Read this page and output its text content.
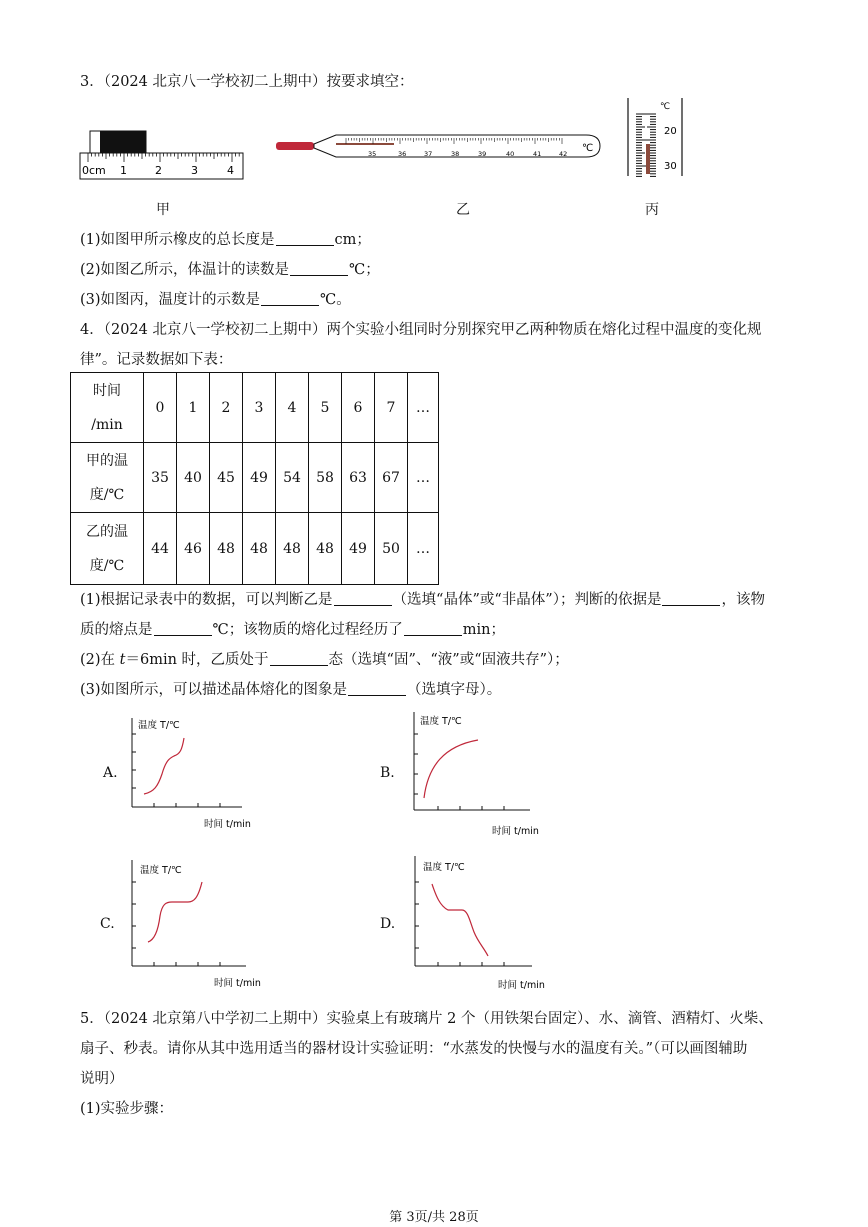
3．（2024 北京八一学校初二上期中）按要求填空：
0cm 1	2	3	4
35	36	37	38	39	40	41	42 ℃
℃
20
30
甲	乙	丙
(1)如图甲所示橡皮的总长度是	cm；
(2)如图乙所示，体温计的读数是	℃；
(3)如图丙，温度计的示数是	℃。
4．（2024 北京八一学校初二上期中）两个实验小组同时分别探究甲乙两种物质在熔化过程中温度的变化规
律”。记录数据如下表：
时间
/min	0	1	2	3	4	5	6	7	…
甲的温
度/℃	35	40	45	49	54	58	63	67	…
乙的温
度/℃	44	46	48	48	48	48	49	50	…
(1)根据记录表中的数据，可以判断乙是	（选填“晶体”或“非晶体”）；判断的依据是	，该物
质的熔点是	℃；该物质的熔化过程经历了	min；
(2)在 t＝6min 时，乙质处于	态（选填“固”、“液”或“固液共存”）；
(3)如图所示，可以描述晶体熔化的图象是	（选填字母）。
A.
温度 T/℃
时间 t/min
B.
温度 T/℃
时间 t/min
C.
温度 T/℃
时间 t/min
D.
温度 T/℃
时间 t/min
5．（2024 北京第八中学初二上期中）实验桌上有玻璃片 2 个（用铁架台固定）、水、滴管、酒精灯、火柴、
扇子、秒表。请你从其中选用适当的器材设计实验证明：“水蒸发的快慢与水的温度有关。”（可以画图辅助
说明）
(1)实验步骤：
第 3页/共 28页
